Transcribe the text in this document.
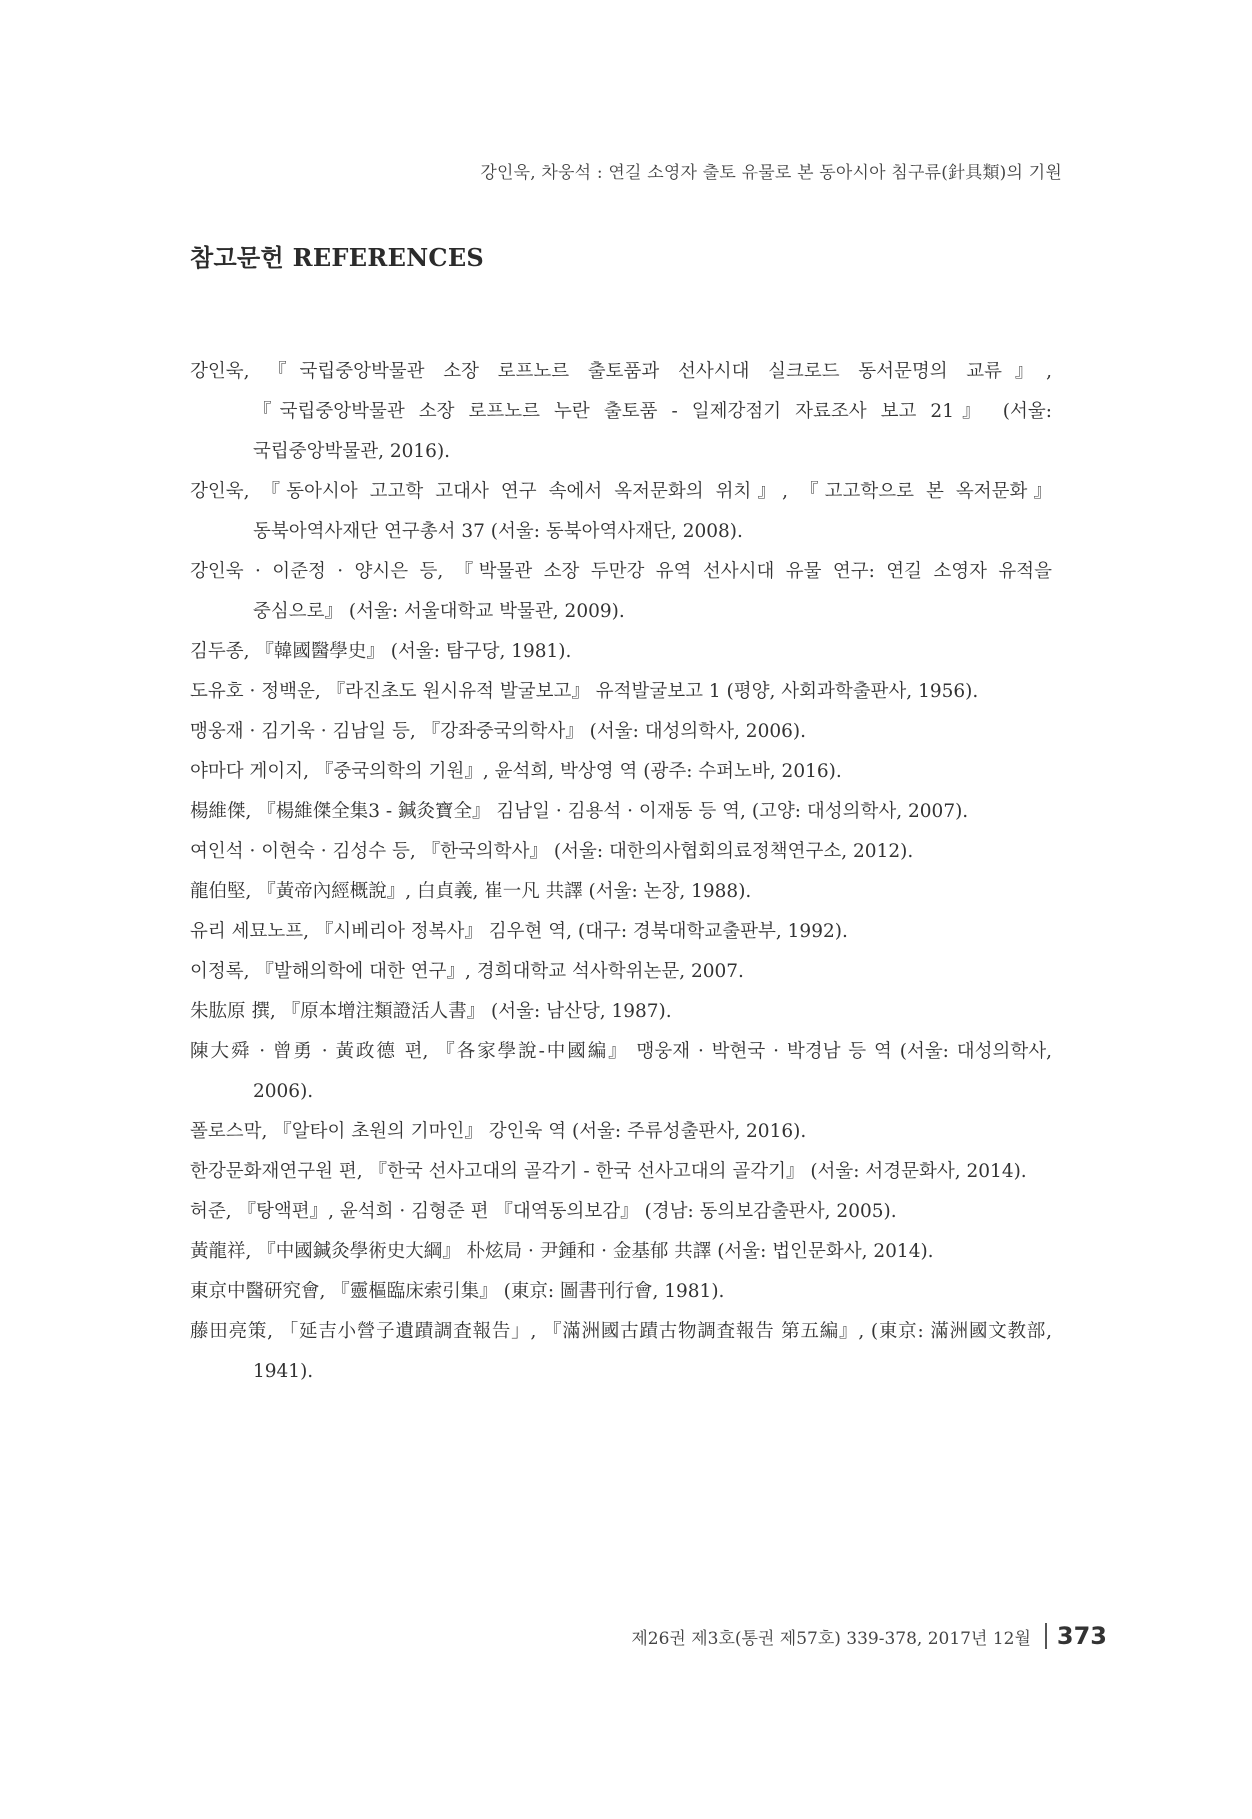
강인욱, 차웅석 : 연길 소영자 출토 유물로 본 동아시아 침구류(針具類)의 기원
참고문헌 REFERENCES
강인욱, 『국립중앙박물관 소장 로프노르 출토품과 선사시대 실크로드 동서문명의 교류』, 『국립중앙박물관 소장 로프노르 누란 출토품 - 일제강점기 자료조사 보고 21』 (서울: 국립중앙박물관, 2016).
강인욱, 『동아시아 고고학 고대사 연구 속에서 옥저문화의 위치』, 『고고학으로 본 옥저문화』 동북아역사재단 연구총서 37 (서울: 동북아역사재단, 2008).
강인욱 · 이준정 · 양시은 등, 『박물관 소장 두만강 유역 선사시대 유물 연구: 연길 소영자 유적을 중심으로』 (서울: 서울대학교 박물관, 2009).
김두종, 『韓國醫學史』 (서울: 탐구당, 1981).
도유호 · 정백운, 『라진초도 원시유적 발굴보고』 유적발굴보고 1 (평양, 사회과학출판사, 1956).
맹웅재 · 김기욱 · 김남일 등, 『강좌중국의학사』 (서울: 대성의학사, 2006).
야마다 게이지, 『중국의학의 기원』, 윤석희, 박상영 역 (광주: 수퍼노바, 2016).
楊維傑, 『楊維傑全集3 - 鍼灸寶全』 김남일 · 김용석 · 이재동 등 역, (고양: 대성의학사, 2007).
여인석 · 이현숙 · 김성수 등, 『한국의학사』 (서울: 대한의사협회의료정책연구소, 2012).
龍伯堅, 『黃帝內經概說』, 白貞義, 崔一凡 共譯 (서울: 논장, 1988).
유리 세묘노프, 『시베리아 정복사』 김우현 역, (대구: 경북대학교출판부, 1992).
이정록, 『발해의학에 대한 연구』, 경희대학교 석사학위논문, 2007.
朱肱原 撰, 『原本增注類證活人書』 (서울: 남산당, 1987).
陳大舜 · 曾勇 · 黃政德 편, 『各家學說-中國編』 맹웅재 · 박현국 · 박경남 등 역 (서울: 대성의학사, 2006).
폴로스막, 『알타이 초원의 기마인』 강인욱 역 (서울: 주류성출판사, 2016).
한강문화재연구원 편, 『한국 선사고대의 골각기 - 한국 선사고대의 골각기』 (서울: 서경문화사, 2014).
허준, 『탕액편』, 윤석희 · 김형준 편 『대역동의보감』 (경남: 동의보감출판사, 2005).
黃龍祥, 『中國鍼灸學術史大綱』 朴炫局 · 尹鍾和 · 金基郁 共譯 (서울: 법인문화사, 2014).
東京中醫研究會, 『靈樞臨床索引集』 (東京: 圖書刊行會, 1981).
藤田亮策, 「延吉小營子遺蹟調査報告」, 『滿洲國古蹟古物調査報告 第五編』, (東京: 滿洲國文教部, 1941).
제26권 제3호(통권 제57호) 339-378, 2017년 12월 373
